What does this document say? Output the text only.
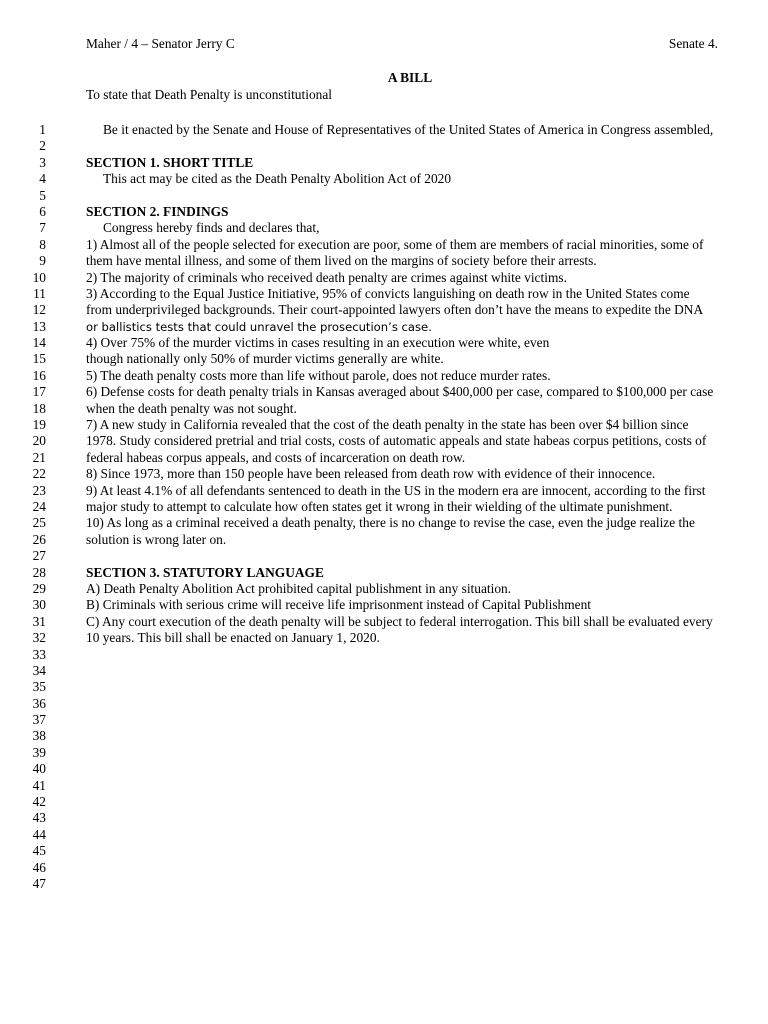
Maher / 4 – Senator Jerry C	Senate 4.
A BILL
To state that Death Penalty is unconstitutional
1	Be it enacted by the Senate and House of Representatives of the United States of America in Congress assembled,
2
3	SECTION 1. SHORT TITLE
4	This act may be cited as the Death Penalty Abolition Act of 2020
5
6	SECTION 2. FINDINGS
7	Congress hereby finds and declares that,
8	1) Almost all of the people selected for execution are poor, some of them are members of racial minorities, some of
9	them have mental illness, and some of them lived on the margins of society before their arrests.
10	2) The majority of criminals who received death penalty are crimes against white victims.
11	3) According to the Equal Justice Initiative, 95% of convicts languishing on death row in the United States come
12	from underprivileged backgrounds. Their court-appointed lawyers often don’t have the means to expedite the DNA
13	or ballistics tests that could unravel the prosecution’s case.
14	4) Over 75% of the murder victims in cases resulting in an execution were white, even
15	though nationally only 50% of murder victims generally are white.
16	5) The death penalty costs more than life without parole, does not reduce murder rates.
17	6) Defense costs for death penalty trials in Kansas averaged about $400,000 per case, compared to $100,000 per case
18	when the death penalty was not sought.
19	7) A new study in California revealed that the cost of the death penalty in the state has been over $4 billion since
20	1978. Study considered pretrial and trial costs, costs of automatic appeals and state habeas corpus petitions, costs of
21	federal habeas corpus appeals, and costs of incarceration on death row.
22	8) Since 1973, more than 150 people have been released from death row with evidence of their innocence.
23	9) At least 4.1% of all defendants sentenced to death in the US in the modern era are innocent, according to the first
24	major study to attempt to calculate how often states get it wrong in their wielding of the ultimate punishment.
25	10) As long as a criminal received a death penalty, there is no change to revise the case, even the judge realize the
26	solution is wrong later on.
27
28	SECTION 3. STATUTORY LANGUAGE
29	A) Death Penalty Abolition Act prohibited capital publishment in any situation.
30	B) Criminals with serious crime will receive life imprisonment instead of Capital Publishment
31	C) Any court execution of the death penalty will be subject to federal interrogation. This bill shall be evaluated every
32	10 years. This bill shall be enacted on January 1, 2020.
33
34
35
36
37
38
39
40
41
42
43
44
45
46
47
